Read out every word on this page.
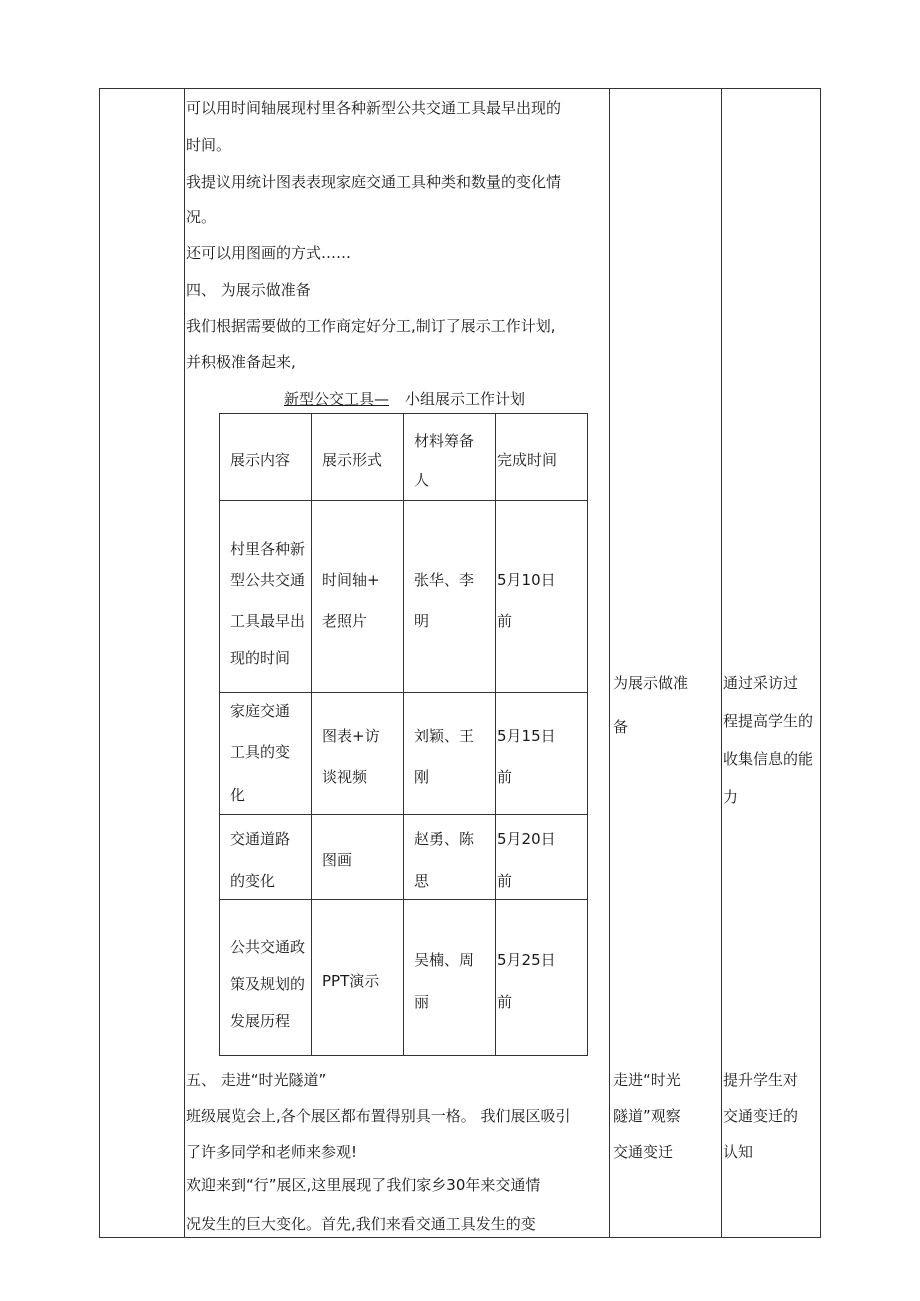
可以用时间轴展现村里各种新型公共交通工具最早出现的
时间。
我提议用统计图表表现家庭交通工具种类和数量的变化情
况。
还可以用图画的方式……
四、 为展示做准备
我们根据需要做的工作商定好分工,制订了展示工作计划,
并积极准备起来,
新型公交工具— 小组展示工作计划
展示内容 展示形式
材料筹备
人
完成时间
村里各种新
型公共交通
工具最早出
现的时间
时间轴+
老照片
张华、李
明
5月10日
前
家庭交通
工具的变
化
图表+访
谈视频
刘颖、王
刚
5月15日
前
交通道路
的变化
图画
赵勇、陈
思
5月20日
前
公共交通政
策及规划的
发展历程
PPT演示
吴楠、周
丽
5月25日
前
五、 走进“时光隧道”
班级展览会上,各个展区都布置得别具一格。 我们展区吸引
了许多同学和老师来参观!
欢迎来到“行”展区,这里展现了我们家乡30年来交通情
况发生的巨大变化。首先,我们来看交通工具发生的变
为展示做准
备
走进“时光
隧道”观察
交通变迁
通过采访过
程提高学生的
收集信息的能
力
提升学生对
交通变迁的
认知
